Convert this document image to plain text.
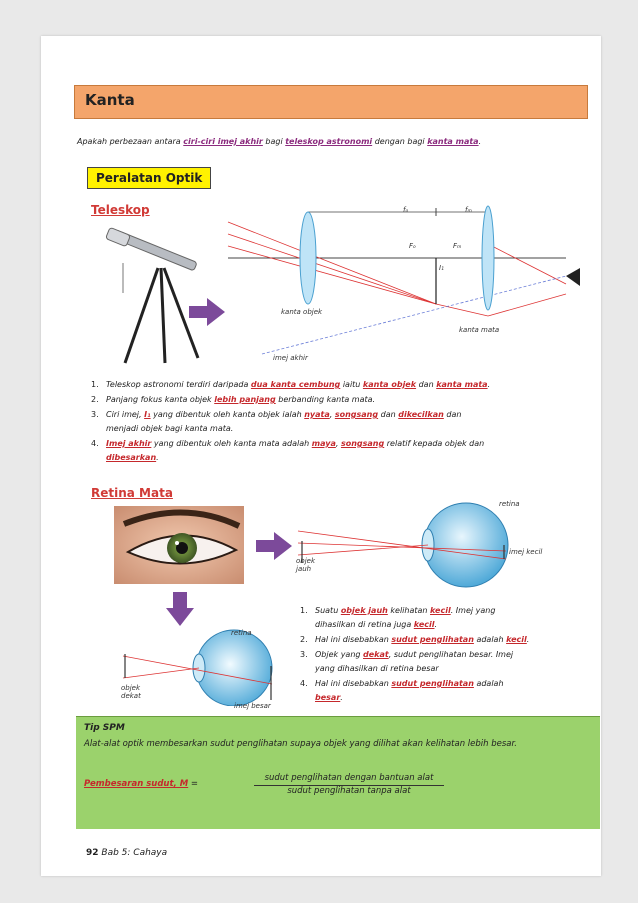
Kanta
Apakah perbezaan antara ciri-ciri imej akhir bagi teleskop astronomi dengan bagi kanta mata.
Peralatan Optik
Teleskop	fₒ	fₘ
Fₒ	Fₘ
I₁
kanta objek
kanta mata
imej akhir
1. Teleskop astronomi terdiri daripada dua kanta cembung iaitu kanta objek dan kanta mata.
2. Panjang fokus kanta objek lebih panjang berbanding kanta mata.
3. Ciri imej, I₁ yang dibentuk oleh kanta objek ialah nyata, songsang dan dikecilkan dan
menjadi objek bagi kanta mata.
4. Imej akhir yang dibentuk oleh kanta mata adalah maya, songsang relatif kepada objek dan
dibesarkan.
Retina Mata
retina
imej kecil
objek jauh
retina
objek dekat
imej besar
1. Suatu objek jauh kelihatan kecil. Imej yang
dihasilkan di retina juga kecil.
2. Hal ini disebabkan sudut penglihatan adalah kecil.
3. Objek yang dekat, sudut penglihatan besar. Imej
yang dihasilkan di retina besar
4. Hal ini disebabkan sudut penglihatan adalah
besar.
Tip SPM
Alat-alat optik membesarkan sudut penglihatan supaya objek yang dilihat akan kelihatan lebih besar.
Pembesaran sudut, M =
sudut penglihatan dengan bantuan alat
sudut penglihatan tanpa alat
92 Bab 5: Cahaya
